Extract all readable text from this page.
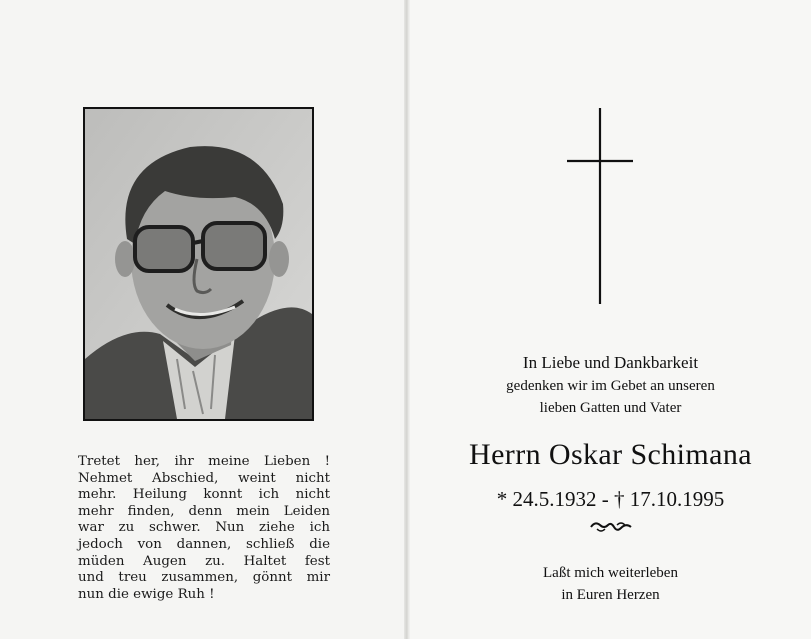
Tretet her, ihr meine Lieben !
Nehmet Abschied, weint nicht
mehr. Heilung konnt ich nicht
mehr finden, denn mein Leiden
war zu schwer. Nun ziehe ich
jedoch von dannen, schließ die
müden Augen zu. Haltet fest
und treu zusammen, gönnt mir
nun die ewige Ruh !

In Liebe und Dankbarkeit
gedenken wir im Gebet an unseren
lieben Gatten und Vater
Herrn Oskar Schimana
* 24.5.1932 - † 17.10.1995
Laßt mich weiterleben
in Euren Herzen
